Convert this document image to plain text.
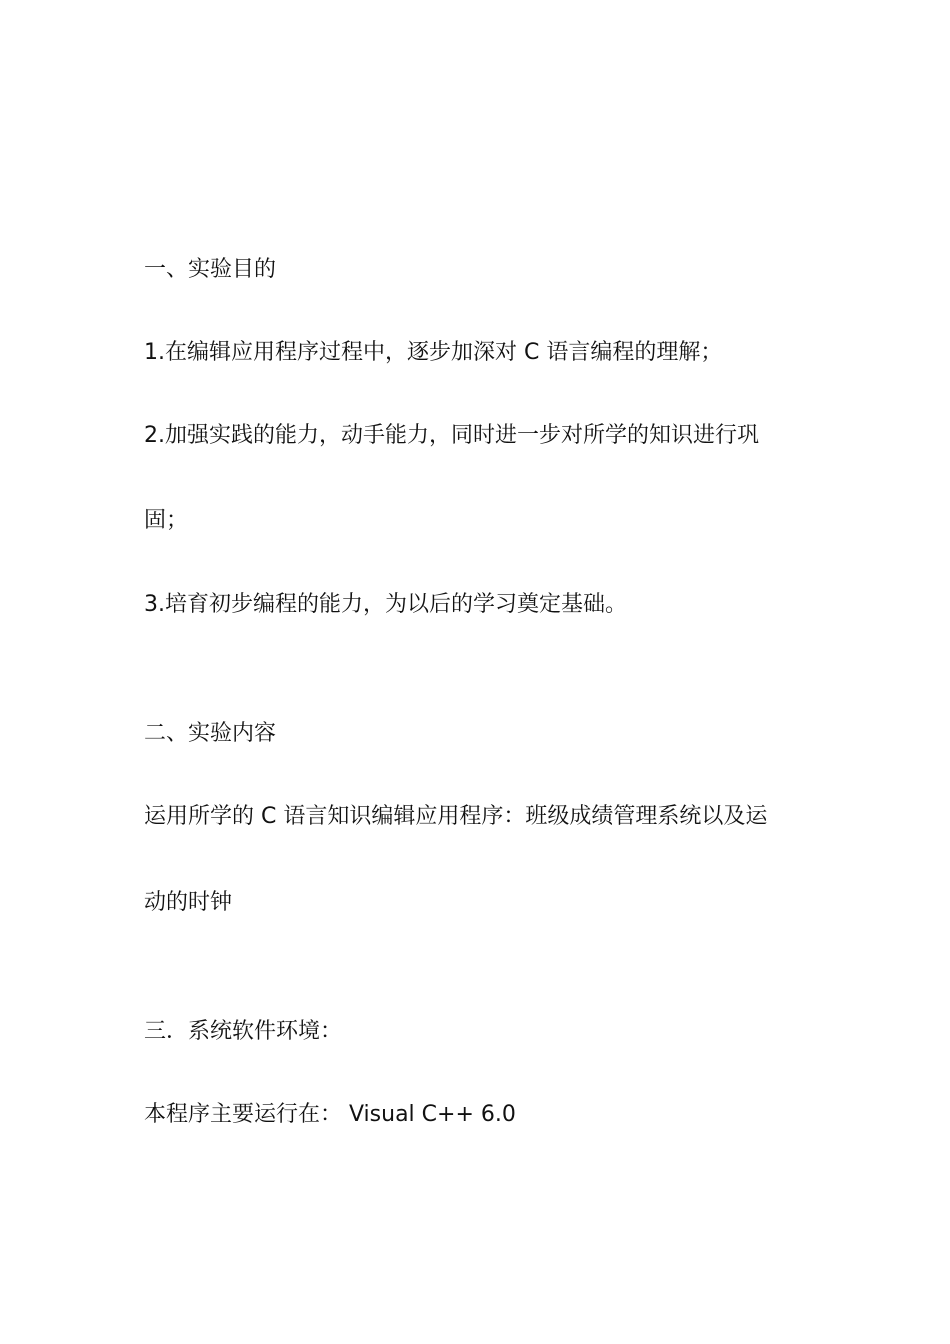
一、实验目的
1.在编辑应用程序过程中，逐步加深对 C 语言编程的理解；
2.加强实践的能力，动手能力，同时进一步对所学的知识进行巩
固；
3.培育初步编程的能力，为以后的学习奠定基础。
二、实验内容
运用所学的 C 语言知识编辑应用程序：班级成绩管理系统以及运
动的时钟
三．系统软件环境：
本程序主要运行在： Visual C++ 6.0
